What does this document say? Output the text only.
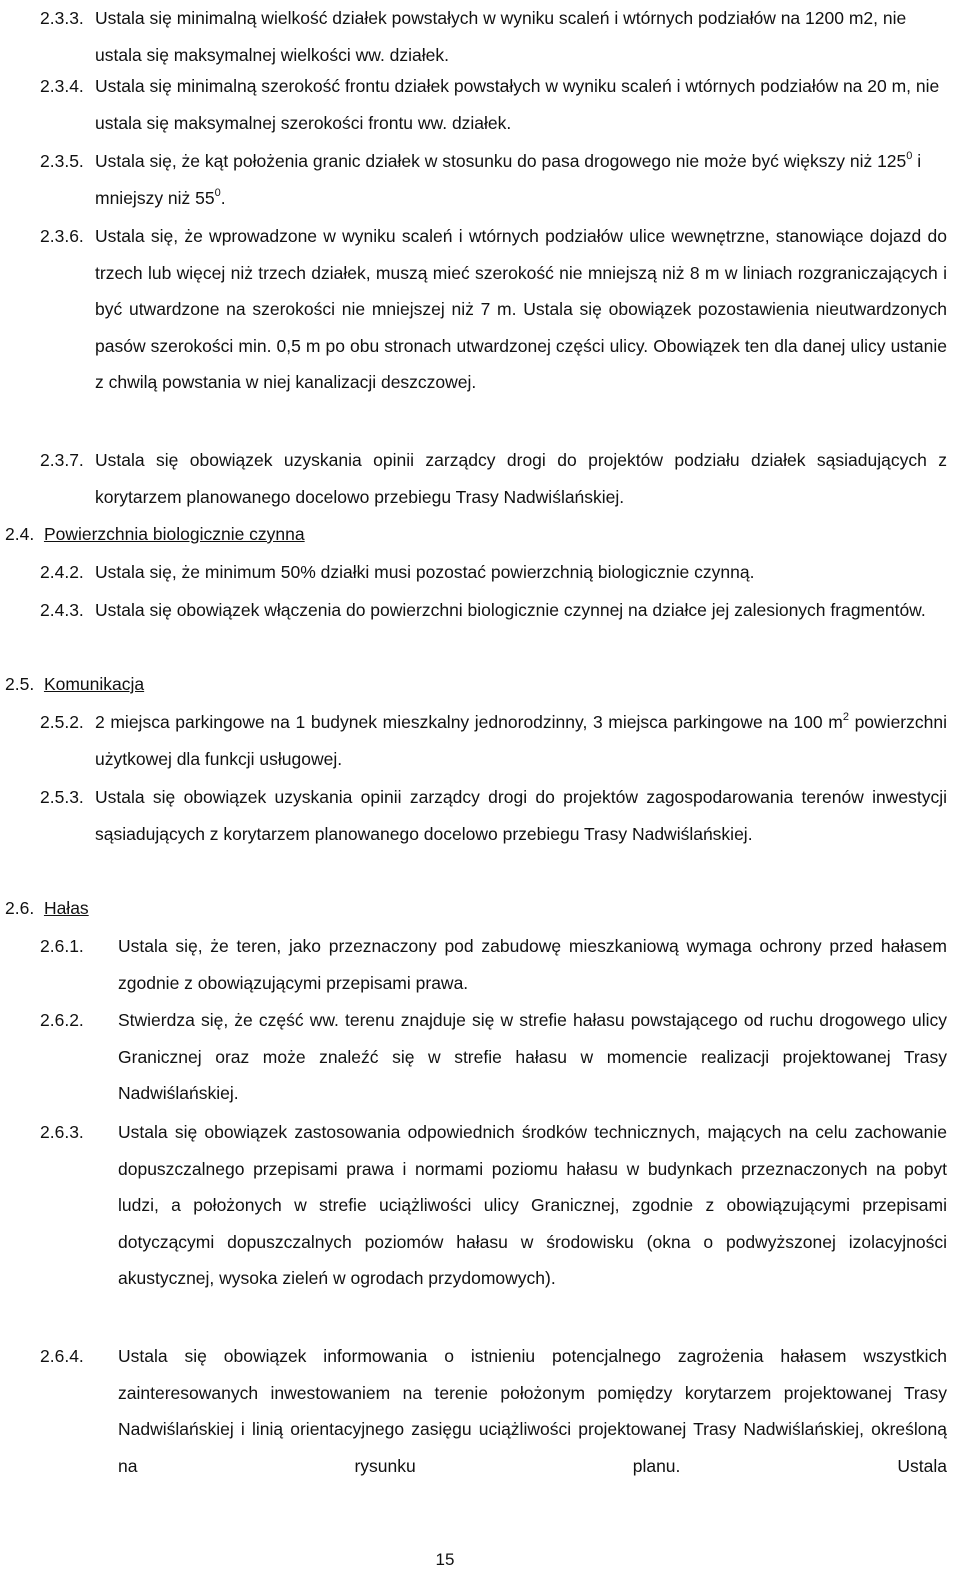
2.3.3. Ustala się minimalną wielkość działek powstałych w wyniku scaleń i wtórnych podziałów na 1200 m2, nie ustala się maksymalnej wielkości ww. działek.
2.3.4. Ustala się minimalną szerokość frontu działek powstałych w wyniku scaleń i wtórnych podziałów na 20 m, nie ustala się maksymalnej szerokości frontu ww. działek.
2.3.5. Ustala się, że kąt położenia granic działek w stosunku do pasa drogowego nie może być większy niż $125^0$ i mniejszy niż $55^0$.
2.3.6. Ustala się, że wprowadzone w wyniku scaleń i wtórnych podziałów ulice wewnętrzne, stanowiące dojazd do trzech lub więcej niż trzech działek, muszą mieć szerokość nie mniejszą niż 8 m w liniach rozgraniczających i być utwardzone na szerokości nie mniejszej niż 7 m. Ustala się obowiązek pozostawienia nieutwardzonych pasów szerokości min. 0,5 m po obu stronach utwardzonej części ulicy. Obowiązek ten dla danej ulicy ustanie z chwilą powstania w niej kanalizacji deszczowej.
2.3.7. Ustala się obowiązek uzyskania opinii zarządcy drogi do projektów podziału działek sąsiadujących z korytarzem planowanego docelowo przebiegu Trasy Nadwiślańskiej.
2.4. Powierzchnia biologicznie czynna
2.4.2. Ustala się, że minimum 50% działki musi pozostać powierzchnią biologicznie czynną.
2.4.3. Ustala się obowiązek włączenia do powierzchni biologicznie czynnej na działce jej zalesionych fragmentów.
2.5. Komunikacja
2.5.2. 2 miejsca parkingowe na 1 budynek mieszkalny jednorodzinny, 3 miejsca parkingowe na 100 $m^2$ powierzchni użytkowej dla funkcji usługowej.
2.5.3. Ustala się obowiązek uzyskania opinii zarządcy drogi do projektów zagospodarowania terenów inwestycji sąsiadujących z korytarzem planowanego docelowo przebiegu Trasy Nadwiślańskiej.
2.6. Hałas
2.6.1. Ustala się, że teren, jako przeznaczony pod zabudowę mieszkaniową wymaga ochrony przed hałasem zgodnie z obowiązującymi przepisami prawa.
2.6.2. Stwierdza się, że część ww. terenu znajduje się w strefie hałasu powstającego od ruchu drogowego ulicy Granicznej oraz może znaleźć się w strefie hałasu w momencie realizacji projektowanej Trasy Nadwiślańskiej.
2.6.3. Ustala się obowiązek zastosowania odpowiednich środków technicznych, mających na celu zachowanie dopuszczalnego przepisami prawa i normami poziomu hałasu w budynkach przeznaczonych na pobyt ludzi, a położonych w strefie uciążliwości ulicy Granicznej, zgodnie z obowiązującymi przepisami dotyczącymi dopuszczalnych poziomów hałasu w środowisku (okna o podwyższonej izolacyjności akustycznej, wysoka zieleń w ogrodach przydomowych).
2.6.4. Ustala się obowiązek informowania o istnieniu potencjalnego zagrożenia hałasem wszystkich zainteresowanych inwestowaniem na terenie położonym pomiędzy korytarzem projektowanej Trasy Nadwiślańskiej i linią orientacyjnego zasięgu uciążliwości projektowanej Trasy Nadwiślańskiej, określoną na rysunku planu. Ustala
15
